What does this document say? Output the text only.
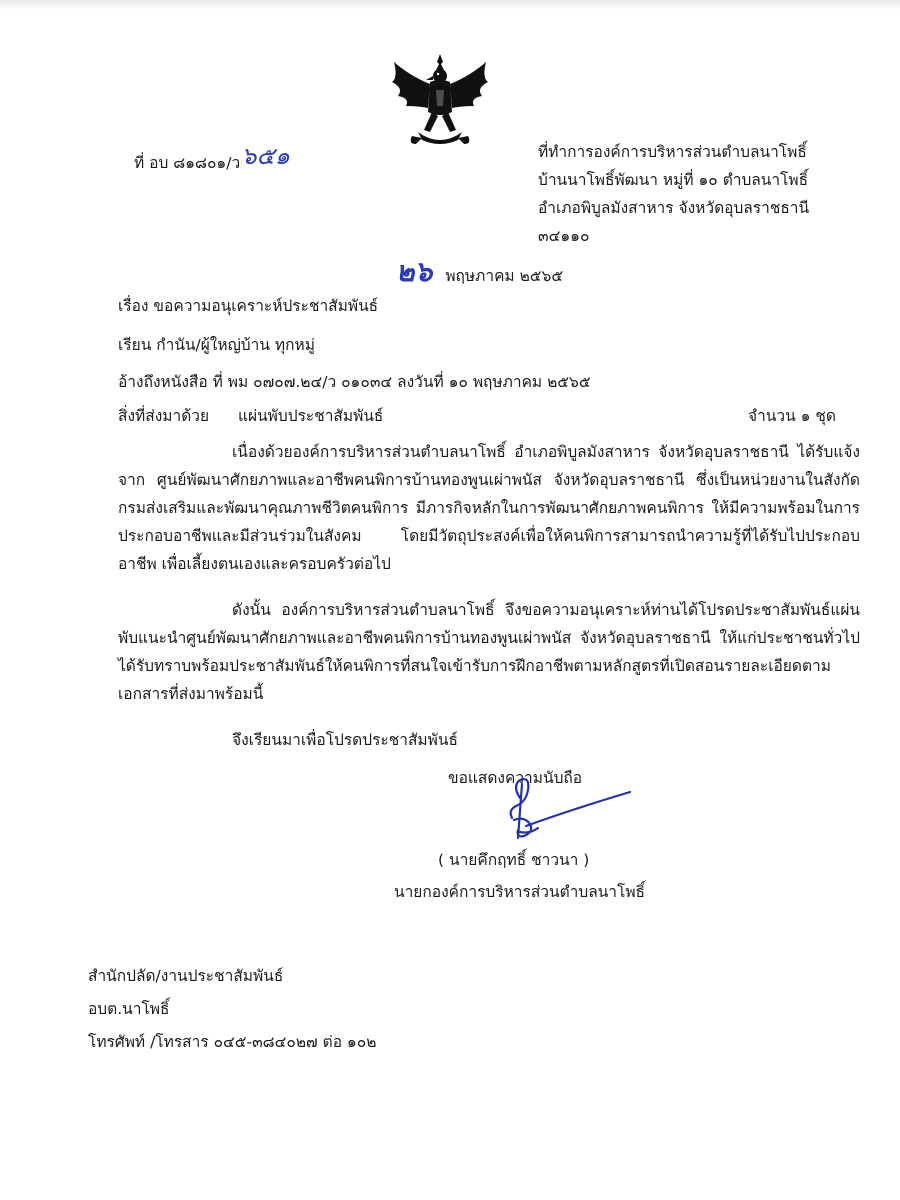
ที่ อบ ๘๑๘๐๑/ว๖๕๑	ที่ทำการองค์การบริหารส่วนตำบลนาโพธิ์
บ้านนาโพธิ์พัฒนา หมู่ที่ ๑๐ ตำบลนาโพธิ์
อำเภอพิบูลมังสาหาร จังหวัดอุบลราชธานี
๓๔๑๑๐
๒๖ พฤษภาคม ๒๕๖๕
เรื่อง ขอความอนุเคราะห์ประชาสัมพันธ์
เรียน กำนัน/ผู้ใหญ่บ้าน ทุกหมู่
อ้างถึงหนังสือ ที่ พม ๐๗๐๗.๒๔/ว ๐๑๐๓๔ ลงวันที่ ๑๐ พฤษภาคม ๒๕๖๕
สิ่งที่ส่งมาด้วย แผ่นพับประชาสัมพันธ์	จำนวน ๑ ชุด
เนื่องด้วยองค์การบริหารส่วนตำบลนาโพธิ์ อำเภอพิบูลมังสาหาร จังหวัดอุบลราชธานี ได้รับแจ้งจาก ศูนย์พัฒนาศักยภาพและอาชีพคนพิการบ้านทองพูนเผ่าพนัส จังหวัดอุบลราชธานี ซึ่งเป็นหน่วยงานในสังกัดกรมส่งเสริมและพัฒนาคุณภาพชีวิตคนพิการ มีภารกิจหลักในการพัฒนาศักยภาพคนพิการ ให้มีความพร้อมในการประกอบอาชีพและมีส่วนร่วมในสังคม โดยมีวัตถุประสงค์เพื่อให้คนพิการสามารถนำความรู้ที่ได้รับไปประกอบอาชีพ เพื่อเลี้ยงตนเองและครอบครัวต่อไป
ดังนั้น องค์การบริหารส่วนตำบลนาโพธิ์ จึงขอความอนุเคราะห์ท่านได้โปรดประชาสัมพันธ์แผ่นพับแนะนำศูนย์พัฒนาศักยภาพและอาชีพคนพิการบ้านทองพูนเผ่าพนัส จังหวัดอุบลราชธานี ให้แก่ประชาชนทั่วไปได้รับทราบพร้อมประชาสัมพันธ์ให้คนพิการที่สนใจเข้ารับการฝึกอาชีพตามหลักสูตรที่เปิดสอนรายละเอียดตามเอกสารที่ส่งมาพร้อมนี้
จึงเรียนมาเพื่อโปรดประชาสัมพันธ์
ขอแสดงความนับถือ
( นายคึกฤทธิ์ ชาวนา )
นายกองค์การบริหารส่วนตำบลนาโพธิ์
สำนักปลัด/งานประชาสัมพันธ์
อบต.นาโพธิ์
โทรศัพท์ /โทรสาร ๐๔๕-๓๘๔๐๒๗ ต่อ ๑๐๒
